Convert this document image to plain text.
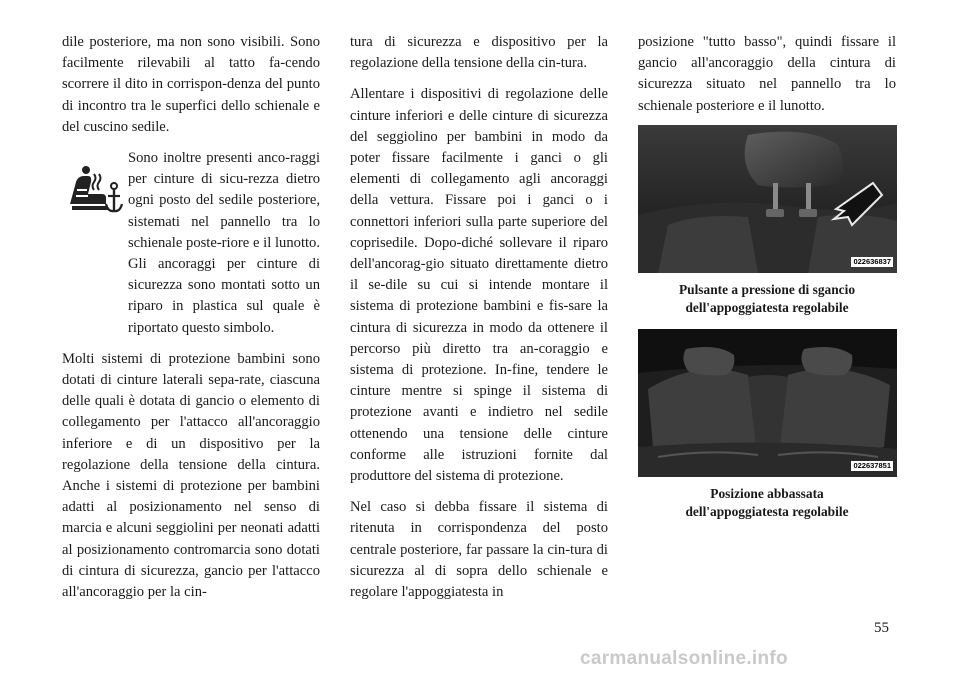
dile posteriore, ma non sono visibili. Sono facilmente rilevabili al tatto fa-cendo scorrere il dito in corrispon-denza del punto di incontro tra le superfici dello schienale e del cuscino sedile.

Sono inoltre presenti anco-raggi per cinture di sicu-rezza dietro ogni posto del sedile posteriore, sistemati nel pannello tra lo schienale poste-riore e il lunotto. Gli ancoraggi per cinture di sicurezza sono montati sotto un riparo in plastica sul quale è riportato questo simbolo.

Molti sistemi di protezione bambini sono dotati di cinture laterali sepa-rate, ciascuna delle quali è dotata di gancio o elemento di collegamento per l'attacco all'ancoraggio inferiore e di un dispositivo per la regolazione della tensione della cintura. Anche i sistemi di protezione per bambini adatti al posizionamento nel senso di marcia e alcuni seggiolini per neonati adatti al posizionamento contromarcia sono dotati di cintura di sicurezza, gancio per l'attacco all'ancoraggio per la cin-

tura di sicurezza e dispositivo per la regolazione della tensione della cin-tura.

Allentare i dispositivi di regolazione delle cinture inferiori e delle cinture di sicurezza del seggiolino per bambini in modo da poter fissare facilmente i ganci o gli elementi di collegamento agli ancoraggi della vettura. Fissare poi i ganci o i connettori inferiori sulla parte superiore del coprisedile. Dopo-diché sollevare il riparo dell'ancorag-gio situato direttamente dietro il se-dile su cui si intende montare il sistema di protezione bambini e fis-sare la cintura di sicurezza in modo da ottenere il percorso più diretto tra an-coraggio e sistema di protezione. In-fine, tendere le cinture mentre si spinge il sistema di protezione avanti e indietro nel sedile ottenendo una tensione delle cinture conforme alle istruzioni fornite dal produttore del sistema di protezione.

Nel caso si debba fissare il sistema di ritenuta in corrispondenza del posto centrale posteriore, far passare la cin-tura di sicurezza al di sopra dello schienale e regolare l'appoggiatesta in

posizione "tutto basso", quindi fissare il gancio all'ancoraggio della cintura di sicurezza situato nel pannello tra lo schienale posteriore e il lunotto.

022636837
Pulsante a pressione di sgancio
dell'appoggiatesta regolabile
022637851
Posizione abbassata
dell'appoggiatesta regolabile
55
carmanualsonline.info
